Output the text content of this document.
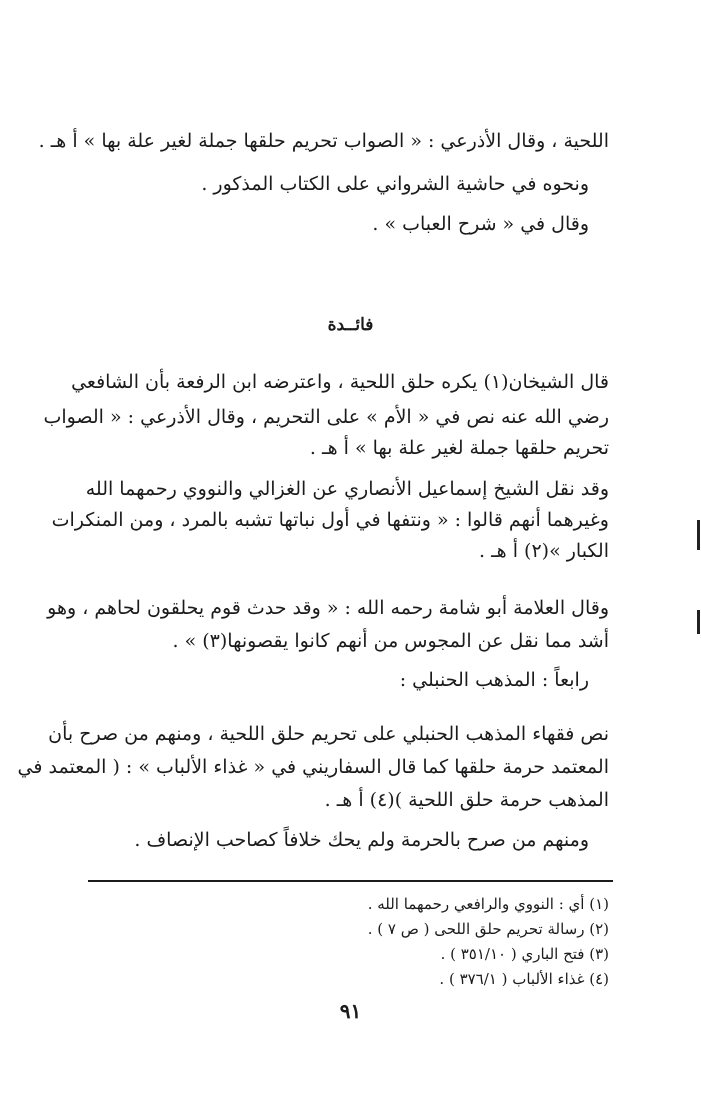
اللحية ، وقال الأذرعي : « الصواب تحريم حلقها جملة لغير علة بها » أ هـ .
ونحوه في حاشية الشرواني على الكتاب المذكور .
وقال في « شرح العباب » .
فائــدة
قال الشيخان(١) يكره حلق اللحية ، واعترضه ابن الرفعة بأن الشافعي
رضي الله عنه نص في « الأم » على التحريم ، وقال الأذرعي : « الصواب
تحريم حلقها جملة لغير علة بها » أ هـ .
وقد نقل الشيخ إسماعيل الأنصاري عن الغزالي والنووي رحمهما الله
وغيرهما أنهم قالوا : « ونتفها في أول نباتها تشبه بالمرد ، ومن المنكرات
الكبار »(٢) أ هـ .
وقال العلامة أبو شامة رحمه الله : « وقد حدث قوم يحلقون لحاهم ، وهو
أشد مما نقل عن المجوس من أنهم كانوا يقصونها(٣) » .
رابعاً : المذهب الحنبلي :
نص فقهاء المذهب الحنبلي على تحريم حلق اللحية ، ومنهم من صرح بأن
المعتمد حرمة حلقها كما قال السفاريني في « غذاء الألباب » : ( المعتمد في
المذهب حرمة حلق اللحية )(٤) أ هـ .
ومنهم من صرح بالحرمة ولم يحك خلافاً كصاحب الإنصاف .
(١) أي : النووي والرافعي رحمهما الله .
(٢) رسالة تحريم حلق اللحى ( ص ٧ ) .
(٣) فتح الباري ( ٣٥١/١٠ ) .
(٤) غذاء الألباب ( ٣٧٦/١ ) .
٩١
